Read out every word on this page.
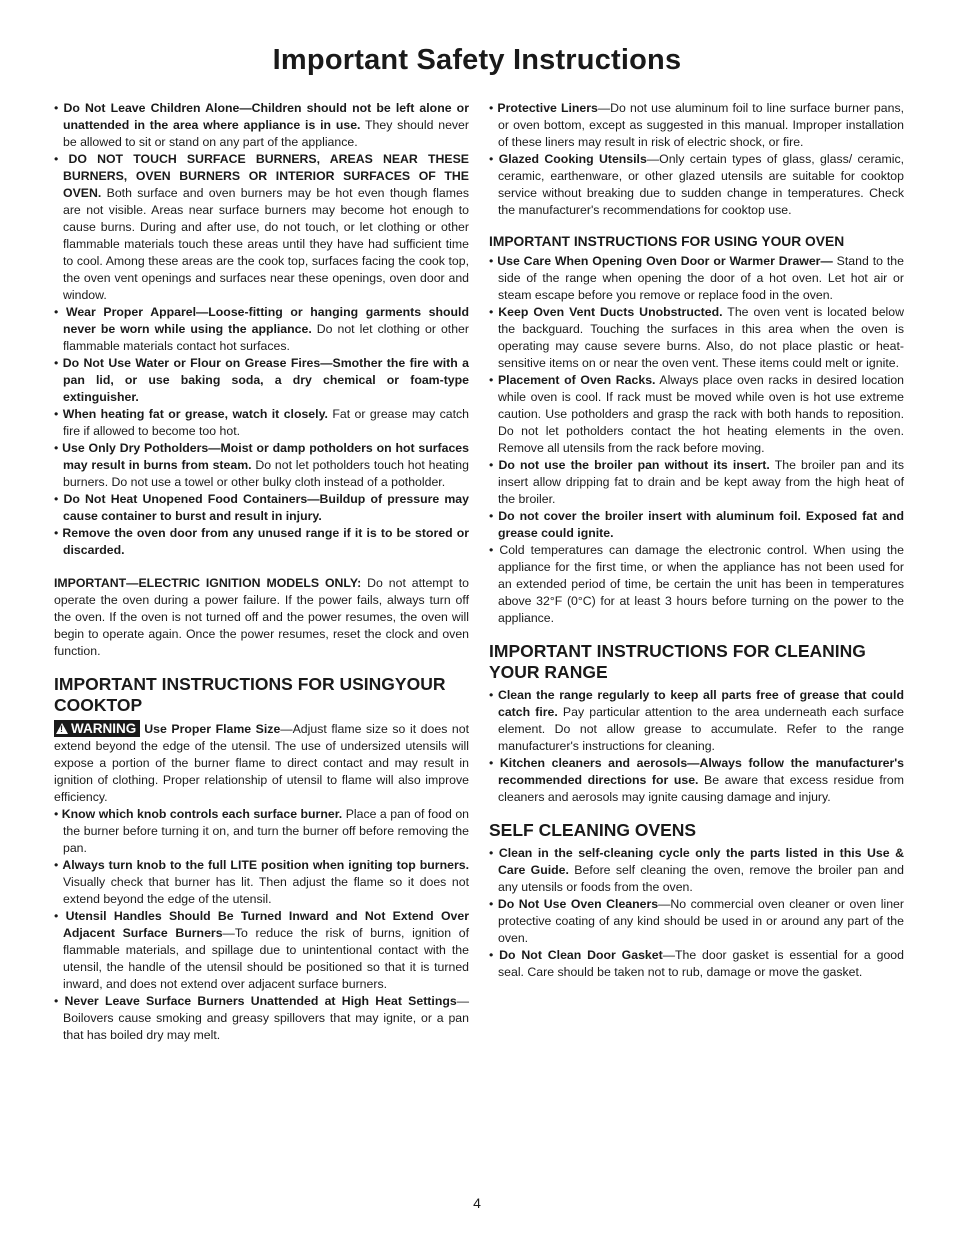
Important Safety Instructions

• Do Not Leave Children Alone—Children should not be left alone or unattended in the area where appliance is in use. They should never be allowed to sit or stand on any part of the appliance.

• DO NOT TOUCH SURFACE BURNERS, AREAS NEAR THESE BURNERS, OVEN BURNERS OR INTERIOR SURFACES OF THE OVEN. Both surface and oven burners may be hot even though flames are not visible. Areas near surface burners may become hot enough to cause burns. During and after use, do not touch, or let clothing or other flammable materials touch these areas until they have had sufficient time to cool. Among these areas are the cook top, surfaces facing the cook top, the oven vent openings and surfaces near these openings, oven door and window.

• Wear Proper Apparel—Loose-fitting or hanging garments should never be worn while using the appliance. Do not let clothing or other flammable materials contact hot surfaces.

• Do Not Use Water or Flour on Grease Fires—Smother the fire with a pan lid, or use baking soda, a dry chemical or foam-type extinguisher.

• When heating fat or grease, watch it closely. Fat or grease may catch fire if allowed to become too hot.

• Use Only Dry Potholders—Moist or damp potholders on hot surfaces may result in burns from steam. Do not let potholders touch hot heating burners. Do not use a towel or other bulky cloth instead of a potholder.

• Do Not Heat Unopened Food Containers—Buildup of pressure may cause container to burst and result in injury.

• Remove the oven door from any unused range if it is to be stored or discarded.

IMPORTANT—ELECTRIC IGNITION MODELS ONLY: Do not attempt to operate the oven during a power failure. If the power fails, always turn off the oven. If the oven is not turned off and the power resumes, the oven will begin to operate again. Once the power resumes, reset the clock and oven function.

IMPORTANT INSTRUCTIONS FOR USINGYOUR COOKTOP

!WARNING Use Proper Flame Size—Adjust flame size so it does not extend beyond the edge of the utensil. The use of undersized utensils will expose a portion of the burner flame to direct contact and may result in ignition of clothing. Proper relationship of utensil to flame will also improve efficiency.

• Know which knob controls each surface burner. Place a pan of food on the burner before turning it on, and turn the burner off before removing the pan.

• Always turn knob to the full LITE position when igniting top burners. Visually check that burner has lit. Then adjust the flame so it does not extend beyond the edge of the utensil.

• Utensil Handles Should Be Turned Inward and Not Extend Over Adjacent Surface Burners—To reduce the risk of burns, ignition of flammable materials, and spillage due to unintentional contact with the utensil, the handle of the utensil should be positioned so that it is turned inward, and does not extend over adjacent surface burners.

• Never Leave Surface Burners Unattended at High Heat Settings—Boilovers cause smoking and greasy spillovers that may ignite, or a pan that has boiled dry may melt.

• Protective Liners—Do not use aluminum foil to line surface burner pans, or oven bottom, except as suggested in this manual. Improper installation of these liners may result in risk of electric shock, or fire.

• Glazed Cooking Utensils—Only certain types of glass, glass/ ceramic, ceramic, earthenware, or other glazed utensils are suitable for cooktop service without breaking due to sudden change in temperatures. Check the manufacturer's recommendations for cooktop use.

IMPORTANT INSTRUCTIONS FOR USING YOUR OVEN

• Use Care When Opening Oven Door or Warmer Drawer— Stand to the side of the range when opening the door of a hot oven. Let hot air or steam escape before you remove or replace food in the oven.

• Keep Oven Vent Ducts Unobstructed. The oven vent is located below the backguard. Touching the surfaces in this area when the oven is operating may cause severe burns. Also, do not place plastic or heat-sensitive items on or near the oven vent. These items could melt or ignite.

• Placement of Oven Racks. Always place oven racks in desired location while oven is cool. If rack must be moved while oven is hot use extreme caution. Use potholders and grasp the rack with both hands to reposition. Do not let potholders contact the hot heating elements in the oven. Remove all utensils from the rack before moving.

• Do not use the broiler pan without its insert. The broiler pan and its insert allow dripping fat to drain and be kept away from the high heat of the broiler.

• Do not cover the broiler insert with aluminum foil. Exposed fat and grease could ignite.

• Cold temperatures can damage the electronic control. When using the appliance for the first time, or when the appliance has not been used for an extended period of time, be certain the unit has been in temperatures above 32°F (0°C) for at least 3 hours before turning on the power to the appliance.

IMPORTANT INSTRUCTIONS FOR CLEANING YOUR RANGE

• Clean the range regularly to keep all parts free of grease that could catch fire. Pay particular attention to the area underneath each surface element. Do not allow grease to accumulate. Refer to the range manufacturer's instructions for cleaning.

• Kitchen cleaners and aerosols—Always follow the manufacturer's recommended directions for use. Be aware that excess residue from cleaners and aerosols may ignite causing damage and injury.

SELF CLEANING OVENS

• Clean in the self-cleaning cycle only the parts listed in this Use & Care Guide. Before self cleaning the oven, remove the broiler pan and any utensils or foods from the oven.

• Do Not Use Oven Cleaners—No commercial oven cleaner or oven liner protective coating of any kind should be used in or around any part of the oven.

• Do Not Clean Door Gasket—The door gasket is essential for a good seal. Care should be taken not to rub, damage or move the gasket.

4
